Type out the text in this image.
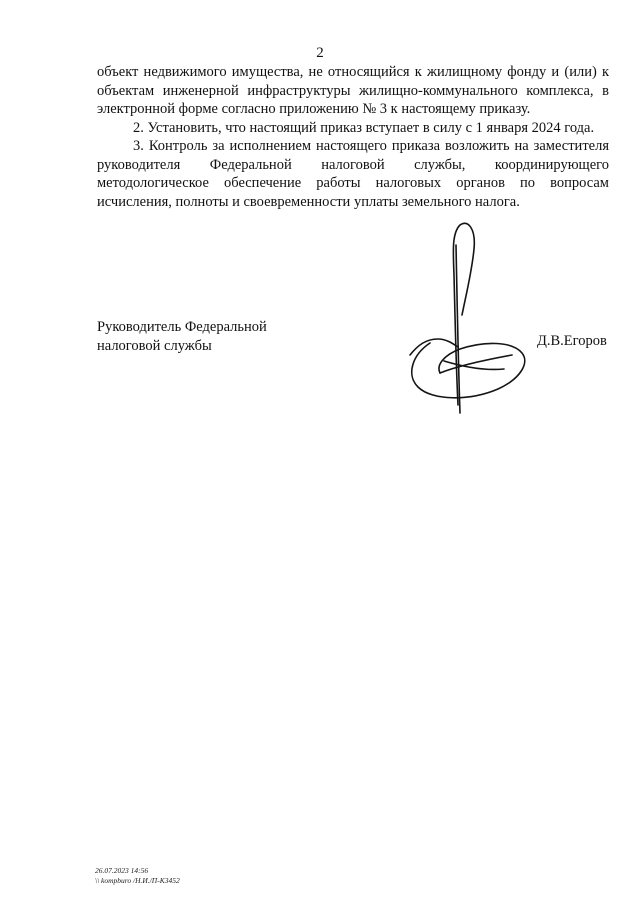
2

объект недвижимого имущества, не относящийся к жилищному фонду и (или) к объектам инженерной инфраструктуры жилищно-коммунального комплекса, в электронной форме согласно приложению № 3 к настоящему приказу.

2. Установить, что настоящий приказ вступает в силу с 1 января 2024 года.

3. Контроль за исполнением настоящего приказа возложить на заместителя руководителя Федеральной налоговой службы, координирующего методологическое обеспечение работы налоговых органов по вопросам исчисления, полноты и своевременности уплаты земельного налога.

Руководитель Федеральной
налоговой службы	Д.В.Егоров
26.07.2023 14:56
\\ kompburo /Н.И./П-К3452
